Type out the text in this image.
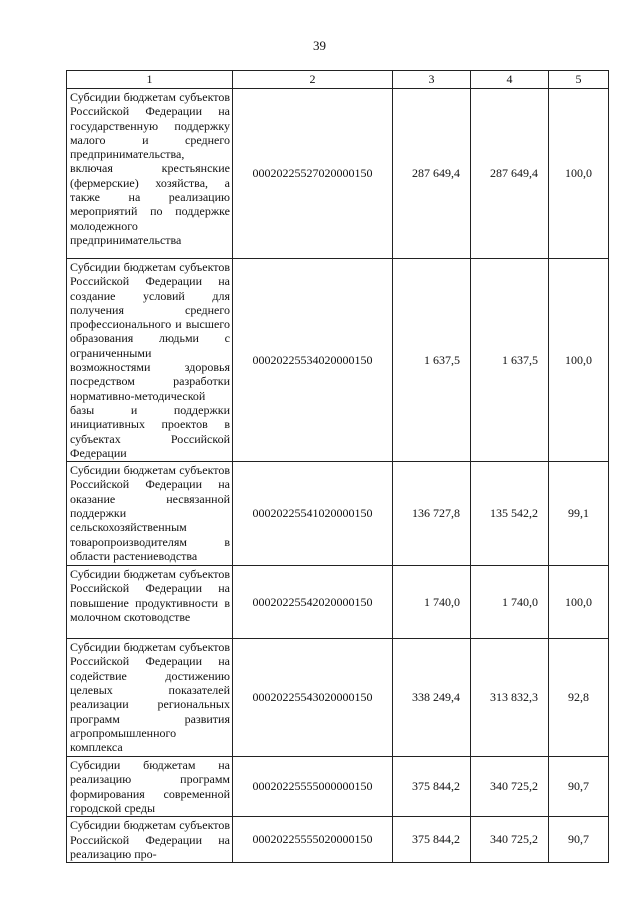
39
1	2	3	4	5
Субсидии бюджетам субъектов Российской Федерации на государственную поддержку малого и среднего предпринимательства, включая крестьянские (фермерские) хозяйства, а также на реализацию мероприятий по поддержке молодежного предпринимательства	00020225527020000150	287 649,4	287 649,4	100,0
Субсидии бюджетам субъектов Российской Федерации на создание условий для получения среднего профессионального и высшего образования людьми с ограниченными возможностями здоровья посредством разработки нормативно-методической базы и поддержки инициативных проектов в субъектах Российской Федерации	00020225534020000150	1 637,5	1 637,5	100,0
Субсидии бюджетам субъектов Российской Федерации на оказание несвязанной поддержки сельскохозяйственным товаропроизводителям в области растениеводства	00020225541020000150	136 727,8	135 542,2	99,1
Субсидии бюджетам субъектов Российской Федерации на повышение продуктивности в молочном скотоводстве	00020225542020000150	1 740,0	1 740,0	100,0
Субсидии бюджетам субъектов Российской Федерации на содействие достижению целевых показателей реализации региональных программ развития агропромышленного комплекса	00020225543020000150	338 249,4	313 832,3	92,8
Субсидии бюджетам на реализацию программ формирования современной городской среды	00020225555000000150	375 844,2	340 725,2	90,7
Субсидии бюджетам субъектов Российской Федерации на реализацию про-	00020225555020000150	375 844,2	340 725,2	90,7
